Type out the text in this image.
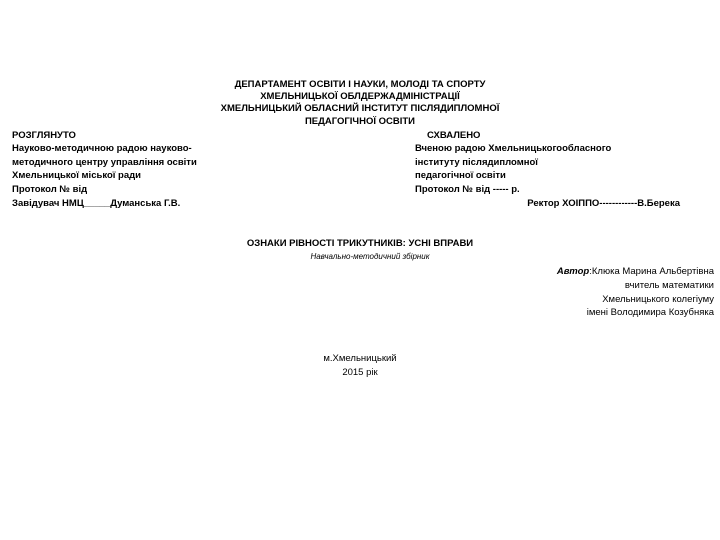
ДЕПАРТАМЕНТ ОСВІТИ І НАУКИ, МОЛОДІ ТА СПОРТУ
ХМЕЛЬНИЦЬКОЇ ОБЛДЕРЖАДМІНІСТРАЦІЇ
ХМЕЛЬНИЦЬКИЙ ОБЛАСНИЙ ІНСТИТУТ ПІСЛЯДИПЛОМНОЇ
ПЕДАГОГІЧНОЇ ОСВІТИ
РОЗГЛЯНУТО
Науково-методичною радою науково-
методичного центру управління освіти
Хмельницької міської ради
Протокол № від
Завідувач НМЦ_____Думанська Г.В.
СХВАЛЕНО
Вченою радою Хмельницькогообласного
інституту післядипломної
педагогічної освіти
Протокол № від ----- р.
Ректор ХОІППО------------В.Берека
ОЗНАКИ РІВНОСТІ ТРИКУТНИКІВ: УСНІ ВПРАВИ
Навчально-методичний збірник
Автор:Клюка Марина Альбертівна
вчитель математики
Хмельницького колегіуму
імені Володимира Козубняка
м.Хмельницький
2015 рік
